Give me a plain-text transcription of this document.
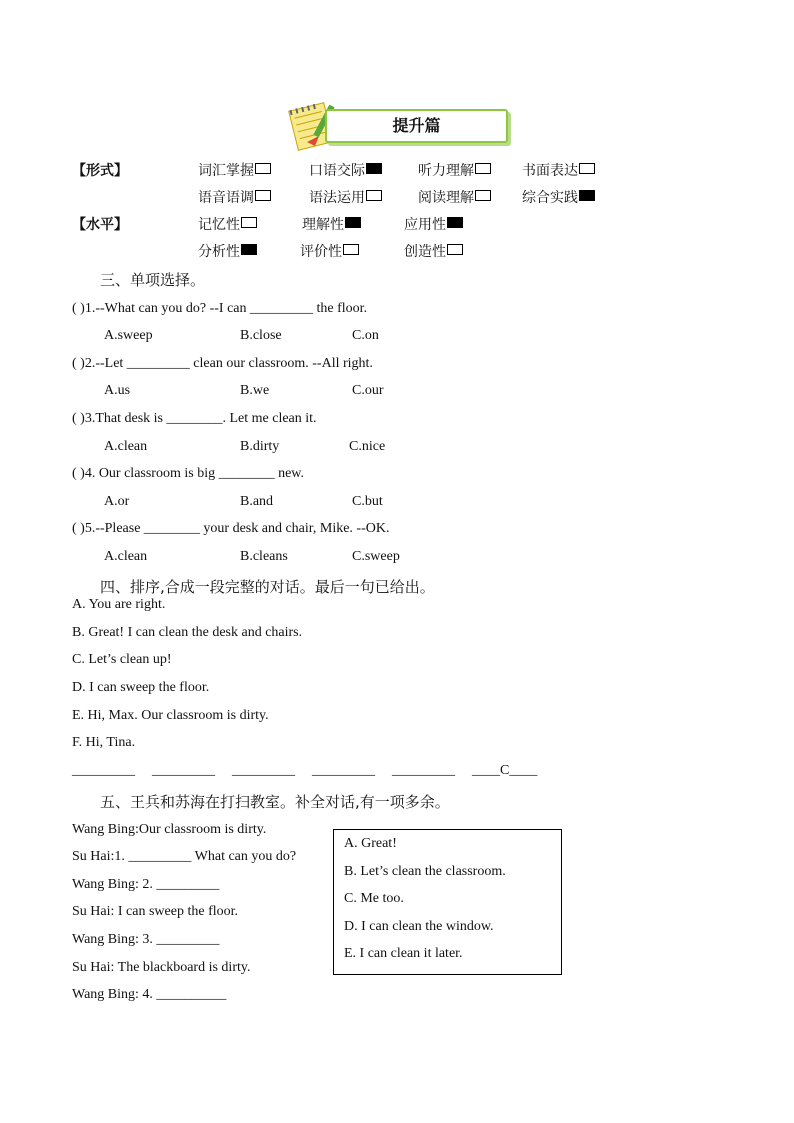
提升篇
【形式】	词汇掌握	口语交际	听力理解	书面表达
语音语调	语法运用	阅读理解	综合实践
【水平】	记忆性	理解性	应用性
分析性	评价性	创造性
三、单项选择。
( )1.--What can you do? --I can _________ the floor.
A.sweep	B.close	C.on
( )2.--Let _________ clean our classroom. --All right.
A.us	B.we	C.our
( )3.That desk is ________. Let me clean it.
A.clean	B.dirty	C.nice
( )4. Our classroom is big ________ new.
A.or	B.and	C.but
( )5.--Please ________ your desk and chair, Mike. --OK.
A.clean	B.cleans	C.sweep
四、排序,合成一段完整的对话。最后一句已给出。
A. You are right.
B. Great! I can clean the desk and chairs.
C. Let’s clean up!
D. I can sweep the floor.
E. Hi, Max. Our classroom is dirty.
F. Hi, Tina.
_________ _________ _________ _________ _________ ____C____
五、王兵和苏海在打扫教室。补全对话,有一项多余。
Wang Bing:Our classroom is dirty.
Su Hai:1. _________ What can you do?
Wang Bing: 2. _________
Su Hai: I can sweep the floor.
Wang Bing: 3. _________
Su Hai: The blackboard is dirty.
Wang Bing: 4. __________
A. Great!
B. Let’s clean the classroom.
C. Me too.
D. I can clean the window.
E. I can clean it later.
